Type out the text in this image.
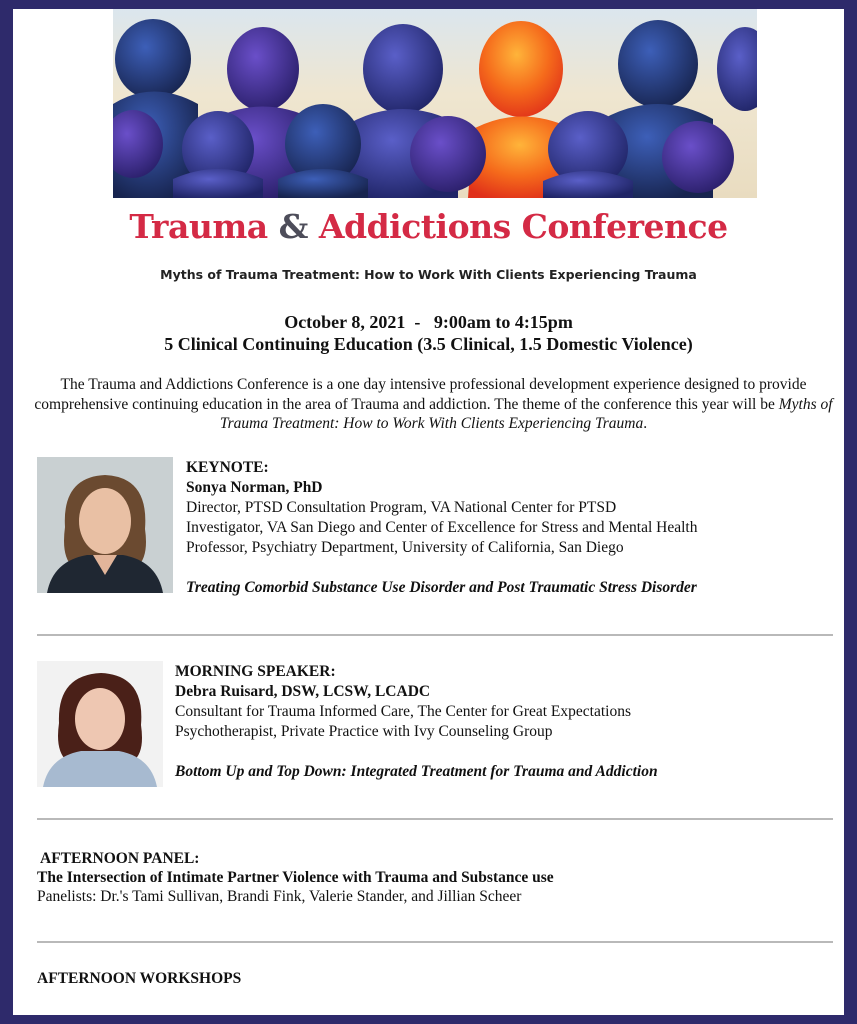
Trauma & Addictions Conference
Myths of Trauma Treatment: How to Work With Clients Experiencing Trauma
October 8, 2021  -   9:00am to 4:15pm
5 Clinical Continuing Education (3.5 Clinical, 1.5 Domestic Violence)
The Trauma and Addictions Conference is a one day intensive professional development experience designed to provide comprehensive continuing education in the area of Trauma and addiction. The theme of the conference this year will be Myths of Trauma Treatment: How to Work With Clients Experiencing Trauma.
KEYNOTE:
Sonya Norman, PhD
Director, PTSD Consultation Program, VA National Center for PTSD
Investigator, VA San Diego and Center of Excellence for Stress and Mental Health
Professor, Psychiatry Department, University of California, San Diego
Treating Comorbid Substance Use Disorder and Post Traumatic Stress Disorder
MORNING SPEAKER:
Debra Ruisard, DSW, LCSW, LCADC
Consultant for Trauma Informed Care, The Center for Great Expectations
Psychotherapist, Private Practice with Ivy Counseling Group
Bottom Up and Top Down: Integrated Treatment for Trauma and Addiction
AFTERNOON PANEL:
The Intersection of Intimate Partner Violence with Trauma and Substance use
Panelists: Dr.'s Tami Sullivan, Brandi Fink, Valerie Stander, and Jillian Scheer
AFTERNOON WORKSHOPS
